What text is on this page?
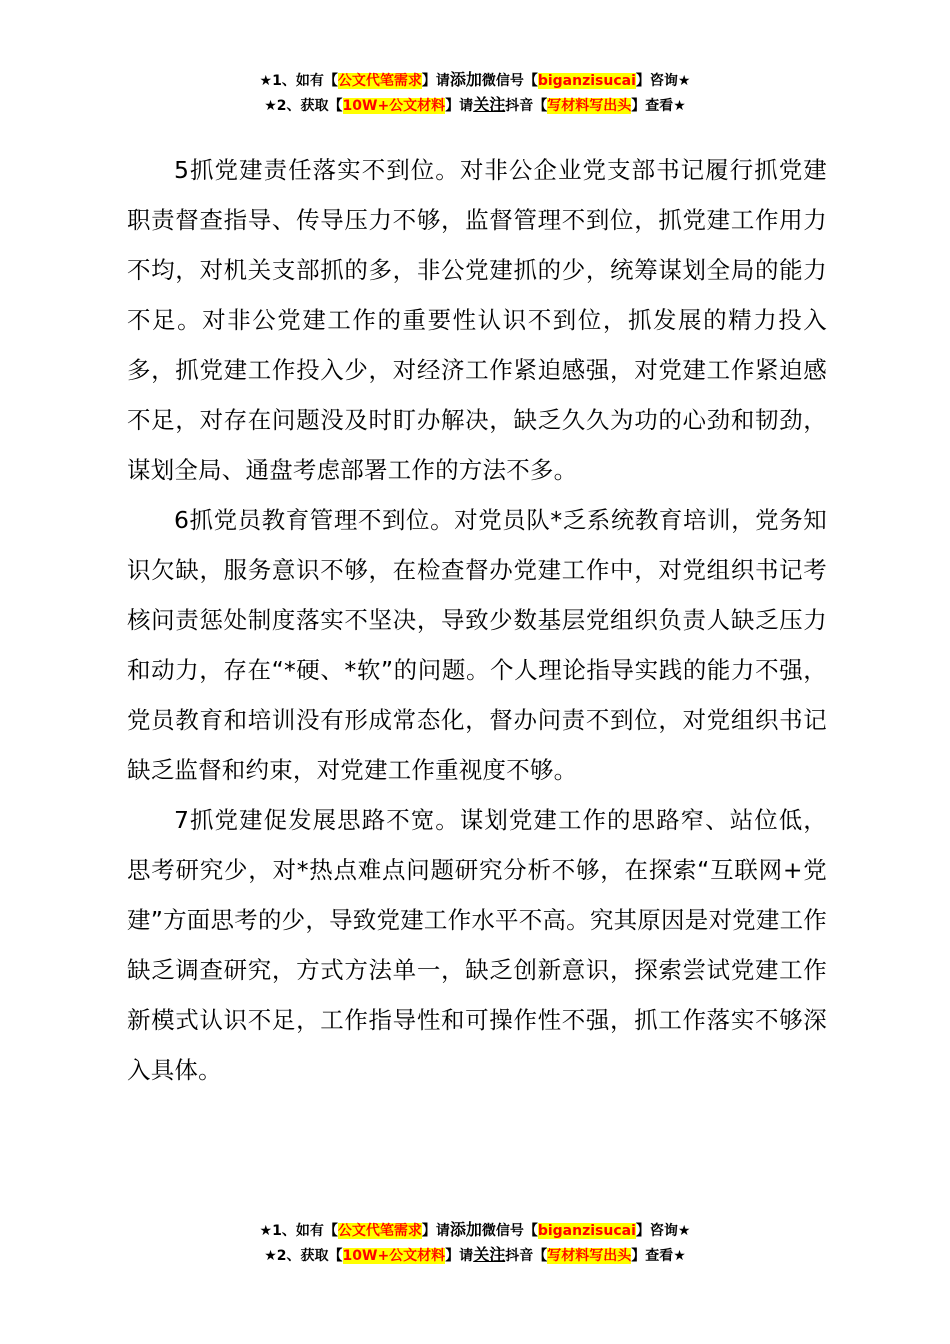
★1、如有【公文代笔需求】请添加微信号【biganzisucai】咨询★
★2、获取【10W+公文材料】请关注抖音【写材料写出头】查看★

5抓党建责任落实不到位。对非公企业党支部书记履行抓党建职责督查指导、传导压力不够，监督管理不到位，抓党建工作用力不均，对机关支部抓的多，非公党建抓的少，统筹谋划全局的能力不足。对非公党建工作的重要性认识不到位，抓发展的精力投入多，抓党建工作投入少，对经济工作紧迫感强，对党建工作紧迫感不足，对存在问题没及时盯办解决，缺乏久久为功的心劲和韧劲，谋划全局、通盘考虑部署工作的方法不多。

6抓党员教育管理不到位。对党员队*乏系统教育培训，党务知识欠缺，服务意识不够，在检查督办党建工作中，对党组织书记考核问责惩处制度落实不坚决，导致少数基层党组织负责人缺乏压力和动力，存在“*硬、*软”的问题。个人理论指导实践的能力不强，党员教育和培训没有形成常态化，督办问责不到位，对党组织书记缺乏监督和约束，对党建工作重视度不够。

7抓党建促发展思路不宽。谋划党建工作的思路窄、站位低，思考研究少，对*热点难点问题研究分析不够，在探索“互联网+党建”方面思考的少，导致党建工作水平不高。究其原因是对党建工作缺乏调查研究，方式方法单一，缺乏创新意识，探索尝试党建工作新模式认识不足，工作指导性和可操作性不强，抓工作落实不够深入具体。

★1、如有【公文代笔需求】请添加微信号【biganzisucai】咨询★
★2、获取【10W+公文材料】请关注抖音【写材料写出头】查看★
